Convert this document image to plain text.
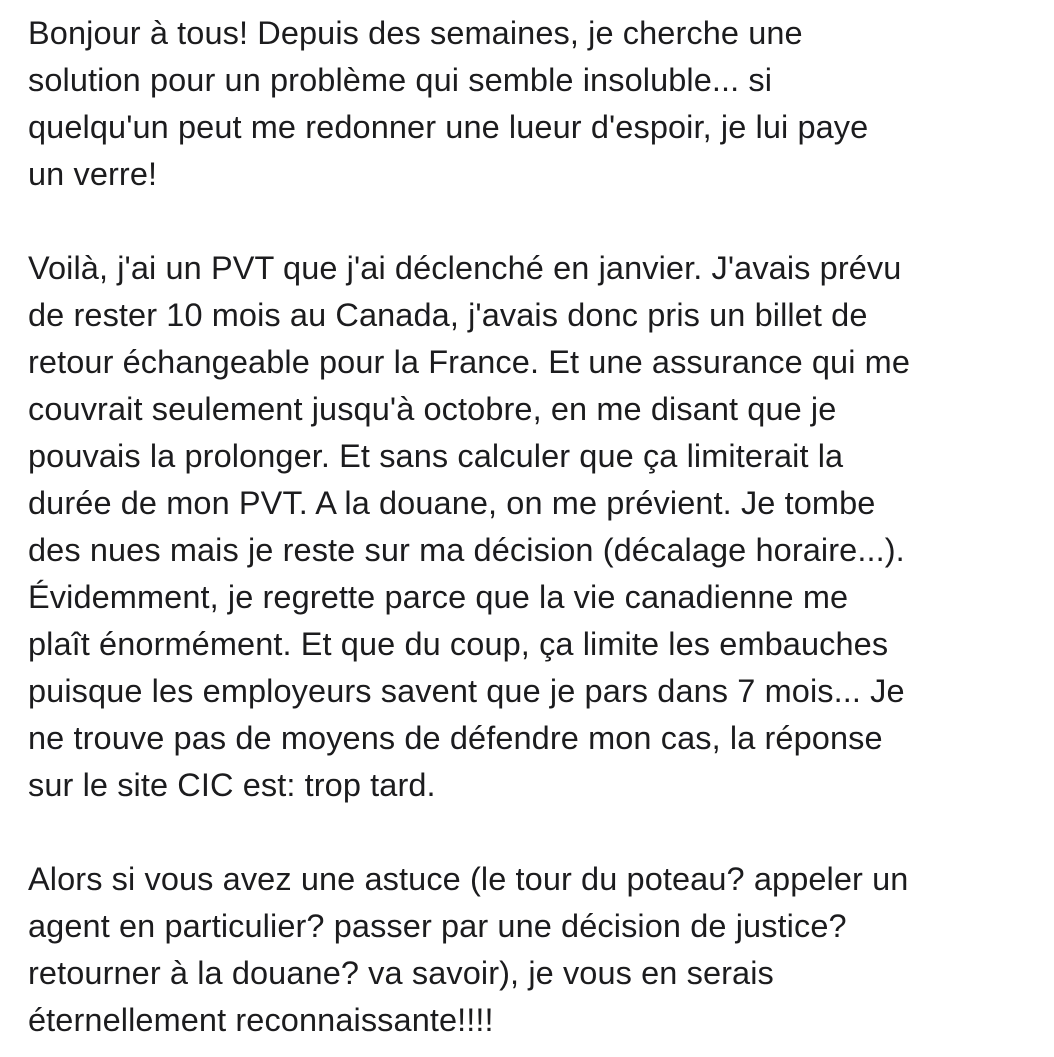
Bonjour à tous! Depuis des semaines, je cherche une
solution pour un problème qui semble insoluble... si
quelqu'un peut me redonner une lueur d'espoir, je lui paye
un verre!

Voilà, j'ai un PVT que j'ai déclenché en janvier. J'avais prévu
de rester 10 mois au Canada, j'avais donc pris un billet de
retour échangeable pour la France. Et une assurance qui me
couvrait seulement jusqu'à octobre, en me disant que je
pouvais la prolonger. Et sans calculer que ça limiterait la
durée de mon PVT. A la douane, on me prévient. Je tombe
des nues mais je reste sur ma décision (décalage horaire...).
Évidemment, je regrette parce que la vie canadienne me
plaît énormément. Et que du coup, ça limite les embauches
puisque les employeurs savent que je pars dans 7 mois... Je
ne trouve pas de moyens de défendre mon cas, la réponse
sur le site CIC est: trop tard.

Alors si vous avez une astuce (le tour du poteau? appeler un
agent en particulier? passer par une décision de justice?
retourner à la douane? va savoir), je vous en serais
éternellement reconnaissante!!!!
